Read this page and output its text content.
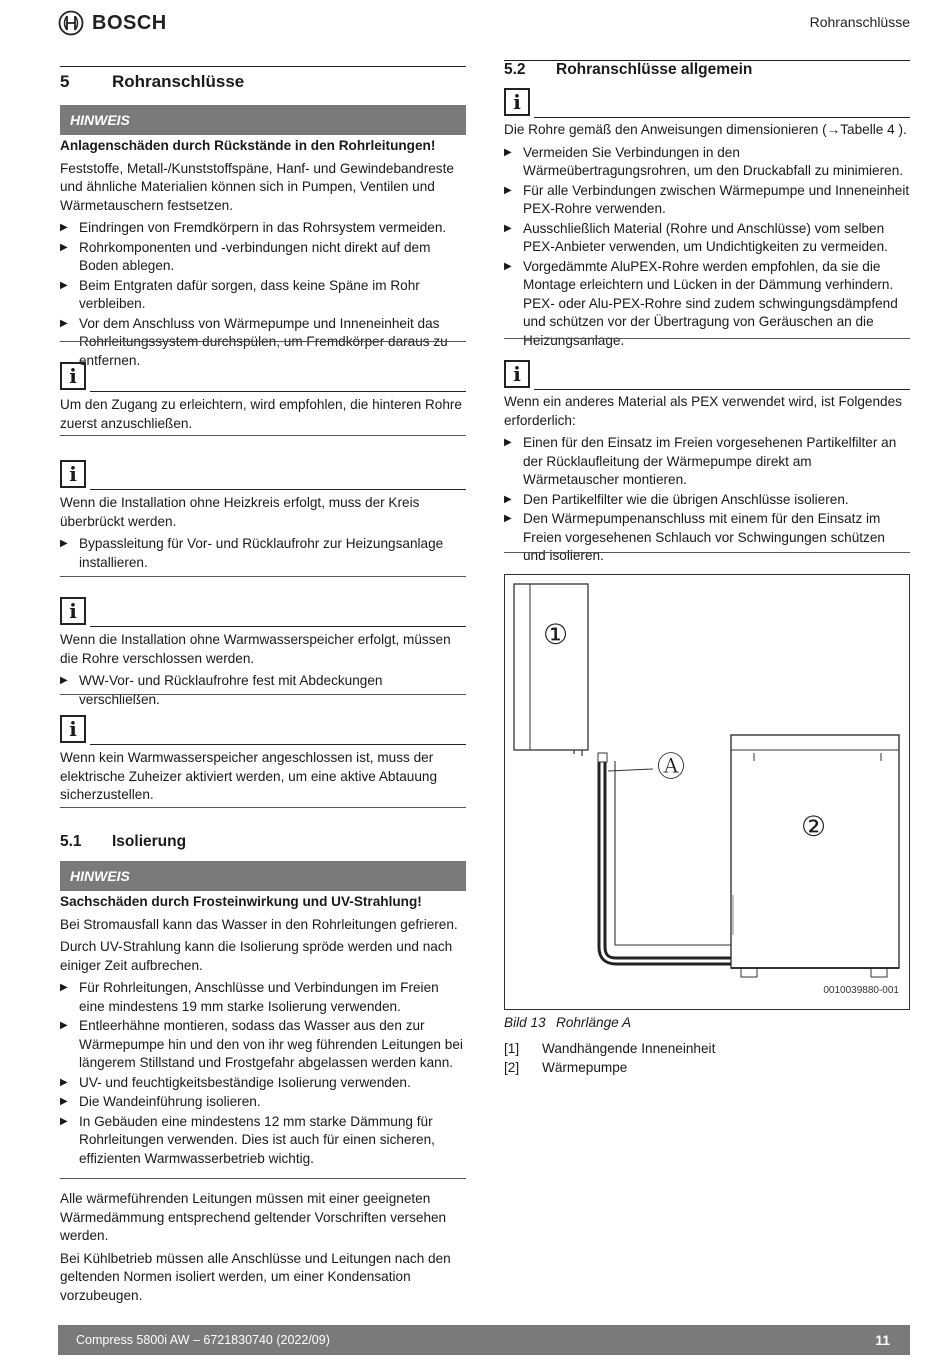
BOSCH	Rohranschlüsse
5	Rohranschlüsse
HINWEIS

Anlagenschäden durch Rückstände in den Rohrleitungen!

Feststoffe, Metall-/Kunststoffspäne, Hanf- und Gewindebandreste und ähnliche Materialien können sich in Pumpen, Ventilen und Wärmetauschern festsetzen.

▶ Eindringen von Fremdkörpern in das Rohrsystem vermeiden.
▶ Rohrkomponenten und -verbindungen nicht direkt auf dem Boden ablegen.
▶ Beim Entgraten dafür sorgen, dass keine Späne im Rohr verbleiben.
▶ Vor dem Anschluss von Wärmepumpe und Inneneinheit das Rohrleitungssystem durchspülen, um Fremdkörper daraus zu entfernen.
i

Um den Zugang zu erleichtern, wird empfohlen, die hinteren Rohre zuerst anzuschließen.

i

Wenn die Installation ohne Heizkreis erfolgt, muss der Kreis überbrückt werden.

▶ Bypassleitung für Vor- und Rücklaufrohr zur Heizungsanlage installieren.
i

Wenn die Installation ohne Warmwasserspeicher erfolgt, müssen die Rohre verschlossen werden.

▶ WW-Vor- und Rücklaufrohre fest mit Abdeckungen verschließen.
i

Wenn kein Warmwasserspeicher angeschlossen ist, muss der elektrische Zuheizer aktiviert werden, um eine aktive Abtauung sicherzustellen.

5.1 Isolierung
HINWEIS

Sachschäden durch Frosteinwirkung und UV-Strahlung!

Bei Stromausfall kann das Wasser in den Rohrleitungen gefrieren.

Durch UV-Strahlung kann die Isolierung spröde werden und nach einiger Zeit aufbrechen.

▶ Für Rohrleitungen, Anschlüsse und Verbindungen im Freien eine mindestens 19 mm starke Isolierung verwenden.
▶ Entleerhähne montieren, sodass das Wasser aus den zur Wärmepumpe hin und den von ihr weg führenden Leitungen bei längerem Stillstand und Frostgefahr abgelassen werden kann.
▶ UV- und feuchtigkeitsbeständige Isolierung verwenden.
▶ Die Wandeinführung isolieren.
▶ In Gebäuden eine mindestens 12 mm starke Dämmung für Rohrleitungen verwenden. Dies ist auch für einen sicheren, effizienten Warmwasserbetrieb wichtig.

Alle wärmeführenden Leitungen müssen mit einer geeigneten Wärmedämmung entsprechend geltender Vorschriften versehen werden.

Bei Kühlbetrieb müssen alle Anschlüsse und Leitungen nach den geltenden Normen isoliert werden, um einer Kondensation vorzubeugen.

5.2 Rohranschlüsse allgemein
i

Die Rohre gemäß den Anweisungen dimensionieren (→Tabelle 4 ).

▶ Vermeiden Sie Verbindungen in den Wärmeübertragungsrohren, um den Druckabfall zu minimieren.
▶ Für alle Verbindungen zwischen Wärmepumpe und Inneneinheit PEX-Rohre verwenden.
▶ Ausschließlich Material (Rohre und Anschlüsse) vom selben PEX-Anbieter verwenden, um Undichtigkeiten zu vermeiden.
▶ Vorgedämmte AluPEX-Rohre werden empfohlen, da sie die Montage erleichtern und Lücken in der Dämmung verhindern. PEX- oder Alu-PEX-Rohre sind zudem schwingungsdämpfend und schützen vor der Übertragung von Geräuschen an die Heizungsanlage.
i

Wenn ein anderes Material als PEX verwendet wird, ist Folgendes erforderlich:

▶ Einen für den Einsatz im Freien vorgesehenen Partikelfilter an der Rücklaufleitung der Wärmepumpe direkt am Wärmetauscher montieren.
▶ Den Partikelfilter wie die übrigen Anschlüsse isolieren.
▶ Den Wärmepumpenanschluss mit einem für den Einsatz im Freien vorgesehenen Schlauch vor Schwingungen schützen und isolieren.
①
②
Ⓐ
0010039880-001
Bild 13 Rohrlänge A
[1]	Wandhängende Inneneinheit
[2]	Wärmepumpe
Compress 5800i AW – 6721830740 (2022/09)	11
